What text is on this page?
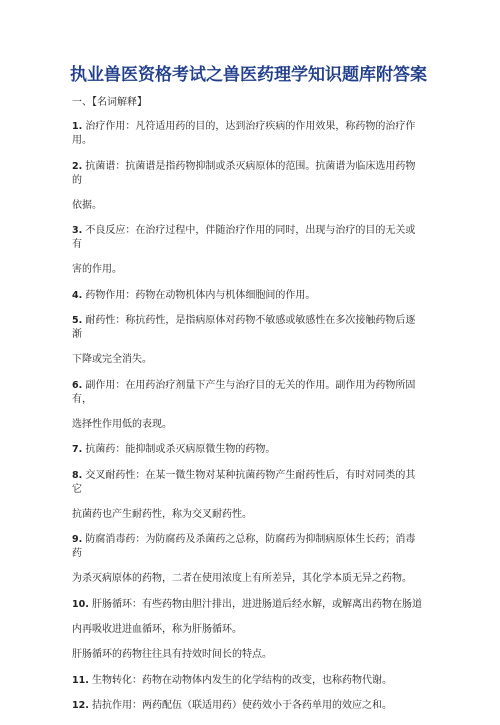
执业兽医资格考试之兽医药理学知识题库附答案
一、【名词解释】
1. 治疗作用：凡符适用药的目的，达到治疗疾病的作用效果，称药物的治疗作用。
2. 抗菌谱：抗菌谱是指药物抑制或杀灭病原体的范围。抗菌谱为临床选用药物的
依据。
3. 不良反应：在治疗过程中，伴随治疗作用的同时，出现与治疗的目的无关或有
害的作用。
4. 药物作用：药物在动物机体内与机体细胞间的作用。
5. 耐药性：称抗药性，是指病原体对药物不敏感或敏感性在多次接触药物后逐渐
下降或完全消失。
6. 副作用：在用药治疗剂量下产生与治疗目的无关的作用。副作用为药物所固有，
选择性作用低的表现。
7. 抗菌药：能抑制或杀灭病原微生物的药物。
8. 交叉耐药性：在某一微生物对某种抗菌药物产生耐药性后，有时对同类的其它
抗菌药也产生耐药性，称为交叉耐药性。
9. 防腐消毒药：为防腐药及杀菌药之总称，防腐药为抑制病原体生长药；消毒药
为杀灭病原体的药物，二者在使用浓度上有所差异，其化学本质无异之药物。
10. 肝肠循环：有些药物由胆汁排出，进进肠道后经水解，或解离出药物在肠道
内再吸收进进血循环，称为肝肠循环。
肝肠循环的药物往往具有持效时间长的特点。
11. 生物转化：药物在动物体内发生的化学结构的改变，也称药物代谢。
12. 拮抗作用：两药配伍（联适用药）使药效小于各药单用的效应之和。
